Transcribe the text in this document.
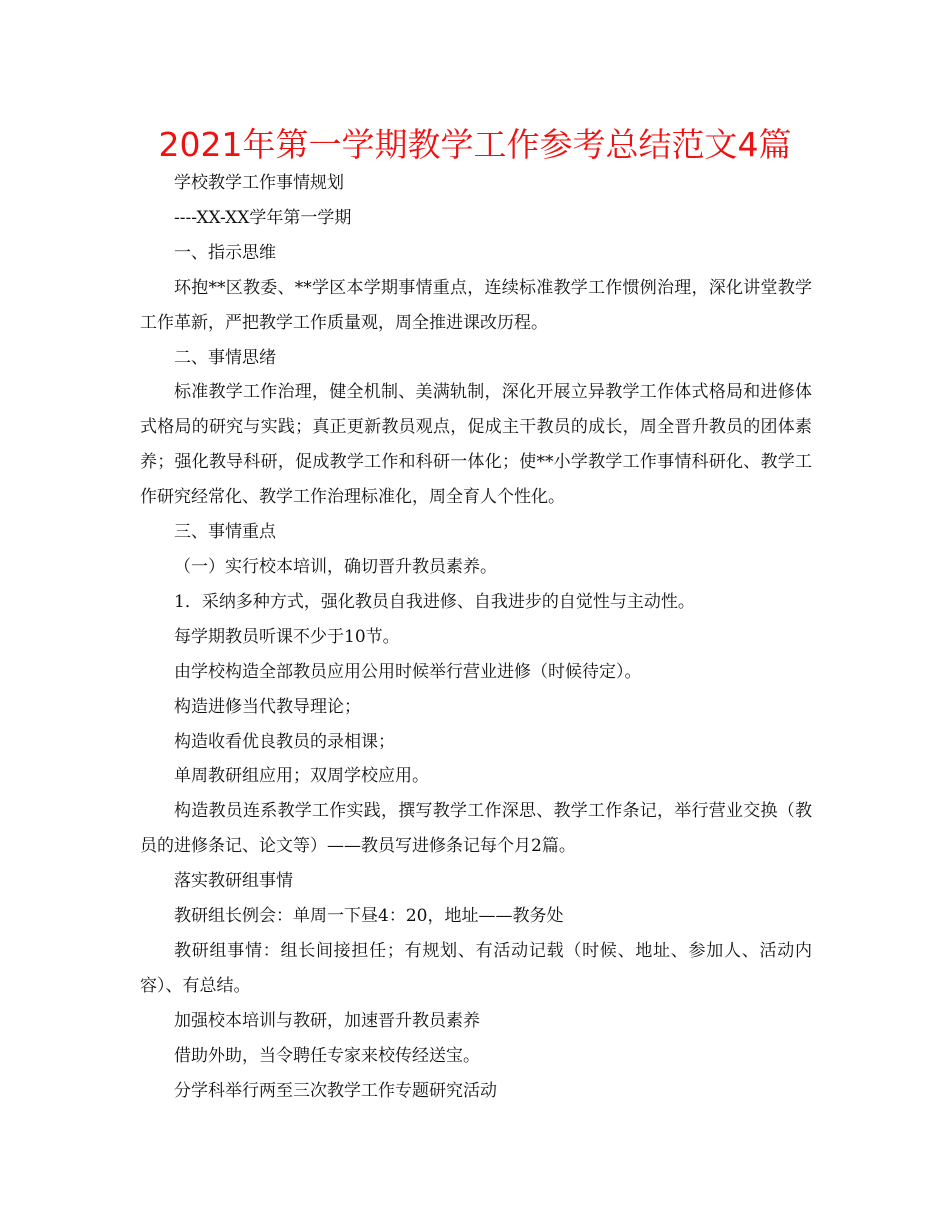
2021年第一学期教学工作参考总结范文4篇

学校教学工作事情规划

----XX-XX学年第一学期

一、指示思维

环抱**区教委、**学区本学期事情重点，连续标准教学工作惯例治理，深化讲堂教学工作革新，严把教学工作质量观，周全推进课改历程。

二、事情思绪

标准教学工作治理，健全机制、美满轨制，深化开展立异教学工作体式格局和进修体式格局的研究与实践；真正更新教员观点，促成主干教员的成长，周全晋升教员的团体素养；强化教导科研，促成教学工作和科研一体化；使**小学教学工作事情科研化、教学工作研究经常化、教学工作治理标准化，周全育人个性化。

三、事情重点

（一）实行校本培训，确切晋升教员素养。

1．采纳多种方式，强化教员自我进修、自我进步的自觉性与主动性。

每学期教员听课不少于10节。

由学校构造全部教员应用公用时候举行营业进修（时候待定）。

构造进修当代教导理论；

构造收看优良教员的录相课；

单周教研组应用；双周学校应用。

构造教员连系教学工作实践，撰写教学工作深思、教学工作条记，举行营业交换（教员的进修条记、论文等）——教员写进修条记每个月2篇。

落实教研组事情

教研组长例会：单周一下昼4：20，地址——教务处

教研组事情：组长间接担任；有规划、有活动记载（时候、地址、参加人、活动内容）、有总结。

加强校本培训与教研，加速晋升教员素养

借助外助，当令聘任专家来校传经送宝。

分学科举行两至三次教学工作专题研究活动
